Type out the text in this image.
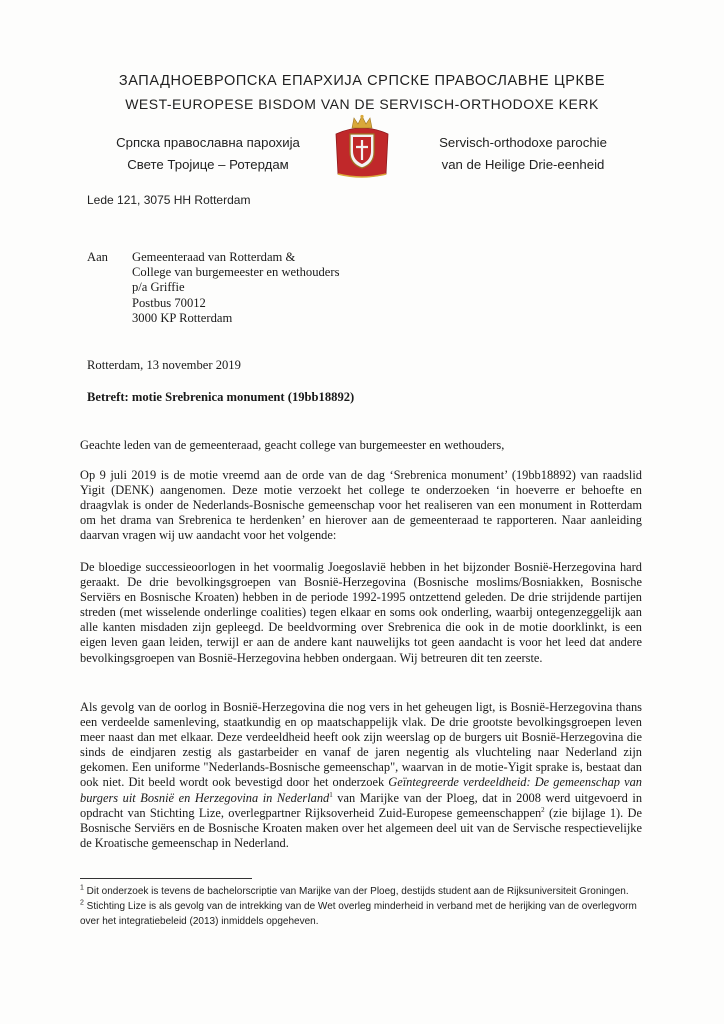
ЗАПАДНОЕВРОПСКА ЕПАРХИЈА СРПСКЕ ПРАВОСЛАВНЕ ЦРКВЕ
WEST-EUROPESE BISDOM VAN DE SERVISCH-ORTHODOXE KERK
Српска православна парохија
Свете Тројице – Ротердам
Servisch-orthodoxe parochie
van de Heilige Drie-eenheid
Lede 121, 3075 HH Rotterdam
Aan Gemeenteraad van Rotterdam &
College van burgemeester en wethouders
p/a Griffie
Postbus 70012
3000 KP Rotterdam
Rotterdam, 13 november 2019
Betreft: motie Srebrenica monument (19bb18892)

Geachte leden van de gemeenteraad, geacht college van burgemeester en wethouders,

Op 9 juli 2019 is de motie vreemd aan de orde van de dag ‘Srebrenica monument’ (19bb18892) van raadslid Yigit (DENK) aangenomen. Deze motie verzoekt het college te onderzoeken ‘in hoeverre er behoefte en draagvlak is onder de Nederlands-Bosnische gemeenschap voor het realiseren van een monument in Rotterdam om het drama van Srebrenica te herdenken’ en hierover aan de gemeenteraad te rapporteren. Naar aanleiding daarvan vragen wij uw aandacht voor het volgende:

De bloedige successieoorlogen in het voormalig Joegoslavië hebben in het bijzonder Bosnië-Herzegovina hard geraakt. De drie bevolkingsgroepen van Bosnië-Herzegovina (Bosnische moslims/Bosniakken, Bosnische Serviërs en Bosnische Kroaten) hebben in de periode 1992-1995 ontzettend geleden. De drie strijdende partijen streden (met wisselende onderlinge coalities) tegen elkaar en soms ook onderling, waarbij ontegenzeggelijk aan alle kanten misdaden zijn gepleegd. De beeldvorming over Srebrenica die ook in de motie doorklinkt, is een eigen leven gaan leiden, terwijl er aan de andere kant nauwelijks tot geen aandacht is voor het leed dat andere bevolkingsgroepen van Bosnië-Herzegovina hebben ondergaan. Wij betreuren dit ten zeerste.

Als gevolg van de oorlog in Bosnië-Herzegovina die nog vers in het geheugen ligt, is Bosnië-Herzegovina thans een verdeelde samenleving, staatkundig en op maatschappelijk vlak. De drie grootste bevolkingsgroepen leven meer naast dan met elkaar. Deze verdeeldheid heeft ook zijn weerslag op de burgers uit Bosnië-Herzegovina die sinds de eindjaren zestig als gastarbeider en vanaf de jaren negentig als vluchteling naar Nederland zijn gekomen. Een uniforme "Nederlands-Bosnische gemeenschap", waarvan in de motie-Yigit sprake is, bestaat dan ook niet. Dit beeld wordt ook bevestigd door het onderzoek Geïntegreerde verdeeldheid: De gemeenschap van burgers uit Bosnië en Herzegovina in Nederland$^1$ van Marijke van der Ploeg, dat in 2008 werd uitgevoerd in opdracht van Stichting Lize, overlegpartner Rijksoverheid Zuid-Europese gemeenschappen$^2$ (zie bijlage 1). De Bosnische Serviërs en de Bosnische Kroaten maken over het algemeen deel uit van de Servische respectievelijke de Kroatische gemeenschap in Nederland.

$^1$ Dit onderzoek is tevens de bachelorscriptie van Marijke van der Ploeg, destijds student aan de Rijksuniversiteit Groningen.

$^2$ Stichting Lize is als gevolg van de intrekking van de Wet overleg minderheid in verband met de herijking van de overlegvorm over het integratiebeleid (2013) inmiddels opgeheven.
